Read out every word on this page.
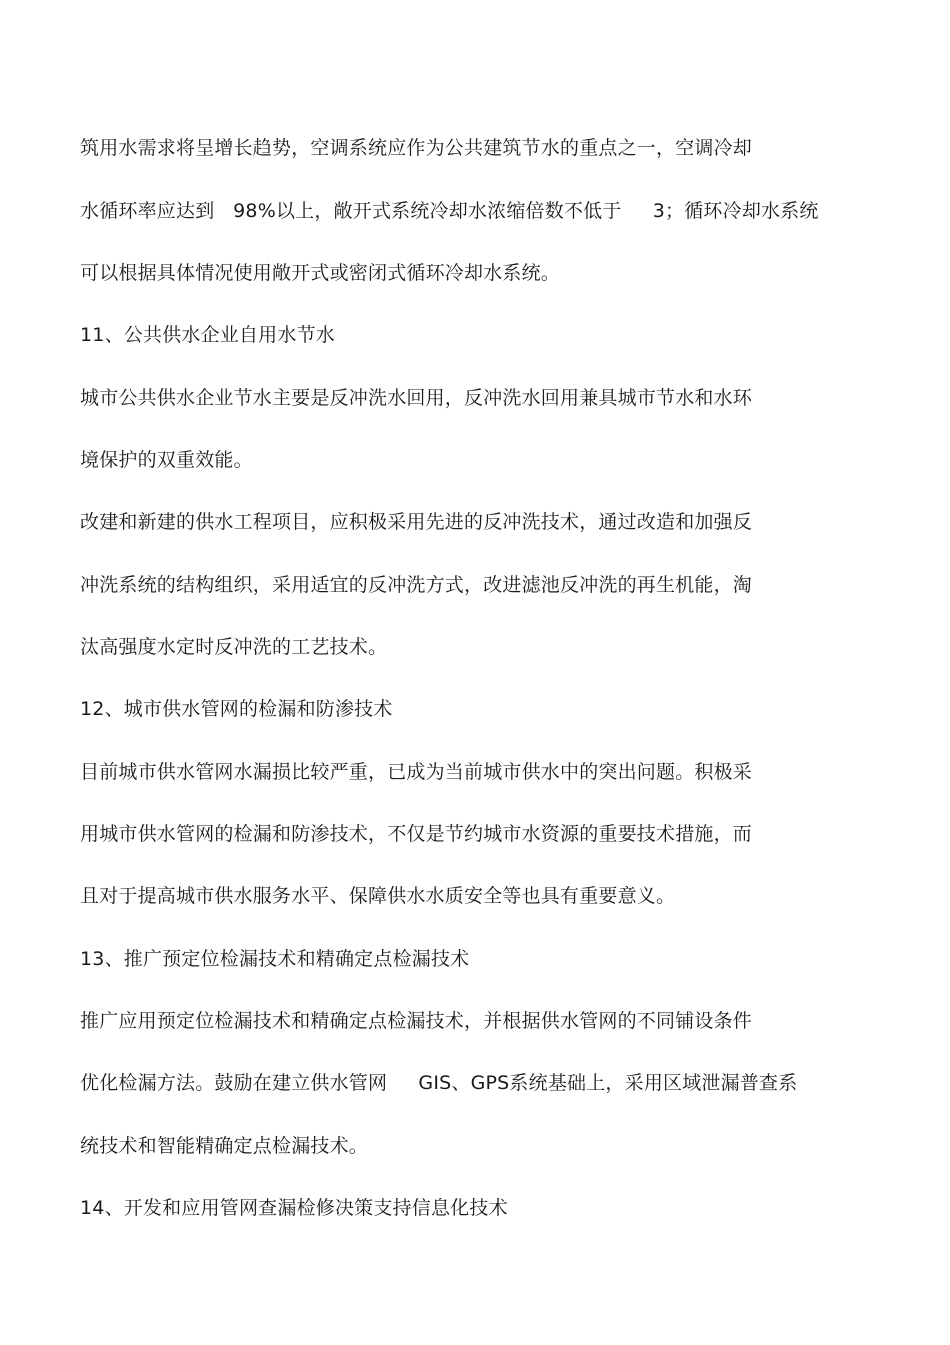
筑用水需求将呈增长趋势，空调系统应作为公共建筑节水的重点之一，空调冷却
水循环率应达到   98%以上，敞开式系统冷却水浓缩倍数不低于     3；循环冷却水系统
可以根据具体情况使用敞开式或密闭式循环冷却水系统。
11、公共供水企业自用水节水
城市公共供水企业节水主要是反冲洗水回用，反冲洗水回用兼具城市节水和水环
境保护的双重效能。
改建和新建的供水工程项目，应积极采用先进的反冲洗技术，通过改造和加强反
冲洗系统的结构组织，采用适宜的反冲洗方式，改进滤池反冲洗的再生机能，淘
汰高强度水定时反冲洗的工艺技术。
12、城市供水管网的检漏和防渗技术
目前城市供水管网水漏损比较严重，已成为当前城市供水中的突出问题。积极采
用城市供水管网的检漏和防渗技术，不仅是节约城市水资源的重要技术措施，而
且对于提高城市供水服务水平、保障供水水质安全等也具有重要意义。
13、推广预定位检漏技术和精确定点检漏技术
推广应用预定位检漏技术和精确定点检漏技术，并根据供水管网的不同铺设条件
优化检漏方法。鼓励在建立供水管网     GIS、GPS系统基础上，采用区域泄漏普查系
统技术和智能精确定点检漏技术。
14、开发和应用管网查漏检修决策支持信息化技术
